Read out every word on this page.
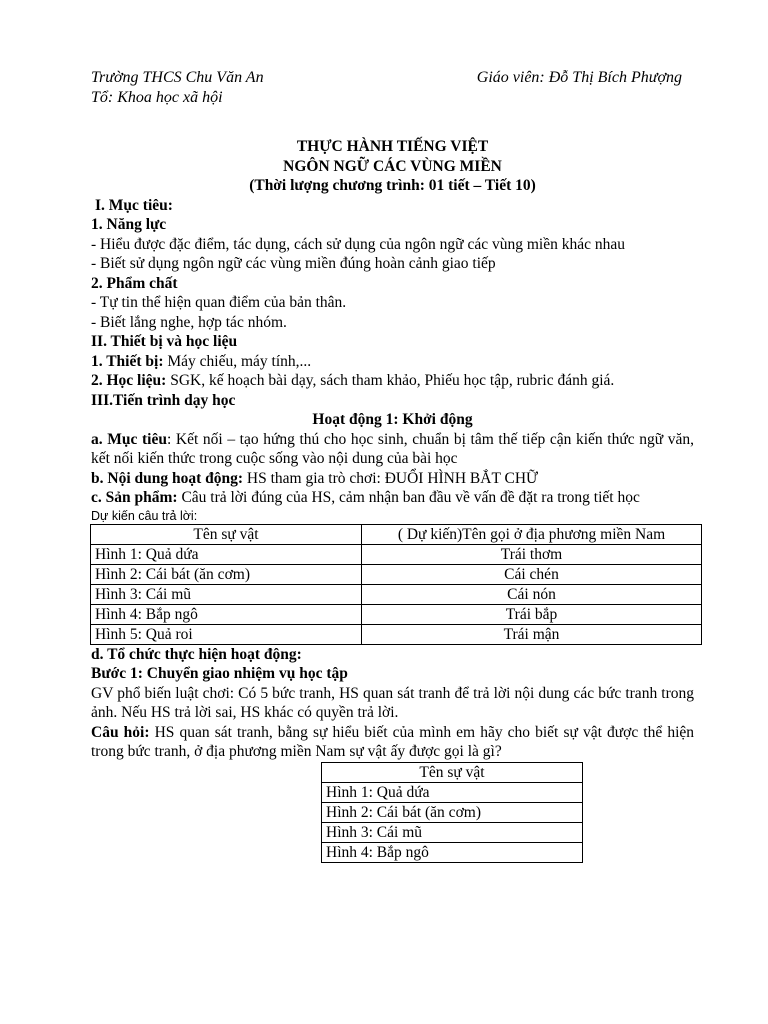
Trường THCS Chu Văn An	Giáo viên: Đỗ Thị Bích Phượng
Tổ: Khoa học xã hội
THỰC HÀNH TIẾNG VIỆT
NGÔN NGỮ CÁC VÙNG MIỀN
(Thời lượng chương trình: 01 tiết – Tiết 10)
I. Mục tiêu:
1. Năng lực
- Hiểu được đặc điểm, tác dụng, cách sử dụng của ngôn ngữ các vùng miền khác nhau
- Biết sử dụng ngôn ngữ các vùng miền đúng hoàn cảnh giao tiếp
2. Phẩm chất
- Tự tin thể hiện quan điểm của bản thân.
- Biết lắng nghe, hợp tác nhóm.
II. Thiết bị và học liệu
1. Thiết bị: Máy chiếu, máy tính,...
2. Học liệu: SGK, kế hoạch bài dạy, sách tham khảo, Phiếu học tập, rubric đánh giá.
III.Tiến trình dạy học
Hoạt động 1: Khởi động
a. Mục tiêu: Kết nối – tạo hứng thú cho học sinh, chuẩn bị tâm thế tiếp cận kiến thức ngữ văn, kết nối kiến thức trong cuộc sống vào nội dung của bài học
b. Nội dung hoạt động: HS tham gia trò chơi: ĐUỔI HÌNH BẮT CHỮ
c. Sản phẩm: Câu trả lời đúng của HS, cảm nhận ban đầu về vấn đề đặt ra trong tiết học
Dự kiến câu trả lời:
Tên sự vật	( Dự kiến)Tên gọi ở địa phương miền Nam
Hình 1: Quả dứa	Trái thơm
Hình 2: Cái bát (ăn cơm)	Cái chén
Hình 3: Cái mũ	Cái nón
Hình 4: Bắp ngô	Trái bắp
Hình 5: Quả roi	Trái mận
d. Tổ chức thực hiện hoạt động:
Bước 1: Chuyển giao nhiệm vụ học tập
GV phổ biến luật chơi: Có 5 bức tranh, HS quan sát tranh để trả lời nội dung các bức tranh trong ảnh. Nếu HS trả lời sai, HS khác có quyền trả lời.
Câu hỏi: HS quan sát tranh, bằng sự hiểu biết của mình em hãy cho biết sự vật được thể hiện trong bức tranh, ở địa phương miền Nam sự vật ấy được gọi là gì?
Tên sự vật
Hình 1: Quả dứa
Hình 2: Cái bát (ăn cơm)
Hình 3: Cái mũ
Hình 4: Bắp ngô
